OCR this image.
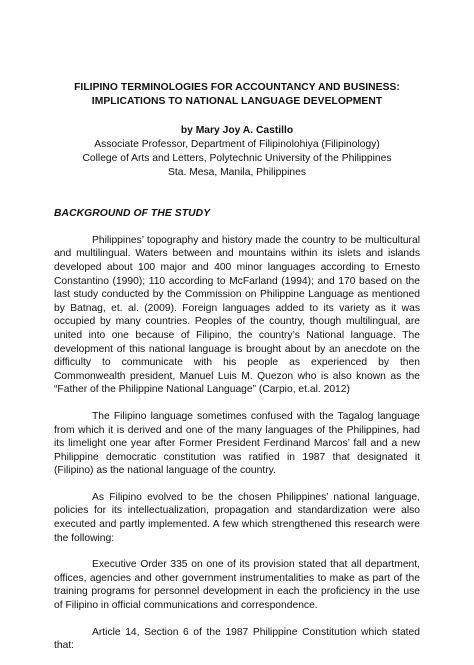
FILIPINO TERMINOLOGIES FOR ACCOUNTANCY AND BUSINESS:
IMPLICATIONS TO NATIONAL LANGUAGE DEVELOPMENT
by Mary Joy A. Castillo
Associate Professor, Department of Filipinolohiya (Filipinology)
College of Arts and Letters, Polytechnic University of the Philippines
Sta. Mesa, Manila, Philippines
BACKGROUND OF THE STUDY

Philippines’ topography and history made the country to be multicultural and multilingual. Waters between and mountains within its islets and islands developed about 100 major and 400 minor languages according to Ernesto Constantino (1990); 110 according to McFarland (1994); and 170 based on the last study conducted by the Commission on Philippine Language as mentioned by Batnag, et. al. (2009). Foreign languages added to its variety as it was occupied by many countries. Peoples of the country, though multilingual, are united into one because of Filipino, the country’s National language. The development of this national language is brought about by an anecdote on the difficulty to communicate with his people as experienced by then Commonwealth president, Manuel Luis M. Quezon who is also known as the “Father of the Philippine National Language” (Carpio, et.al. 2012)

The Filipino language sometimes confused with the Tagalog language from which it is derived and one of the many languages of the Philippines, had its limelight one year after Former President Ferdinand Marcos’ fall and a new Philippine democratic constitution was ratified in 1987 that designated it (Filipino) as the national language of the country.

As Filipino evolved to be the chosen Philippines’ national language, policies for its intellectualization, propagation and standardization were also executed and partly implemented. A few which strengthened this research were the following:

Executive Order 335 on one of its provision stated that all department, offices, agencies and other government instrumentalities to make as part of the training programs for personnel development in each the proficiency in the use of Filipino in official communications and correspondence.

Article 14, Section 6 of the 1987 Philippine Constitution which stated that:
